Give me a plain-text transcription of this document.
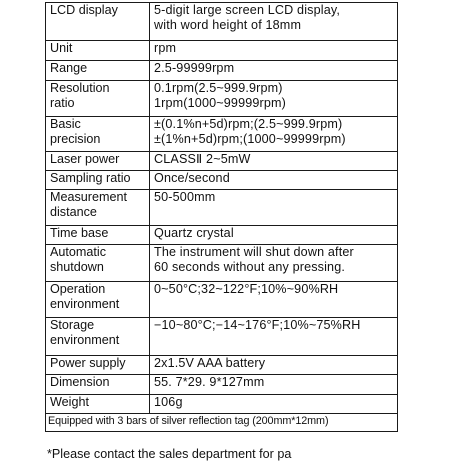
LCD display	5-digit large screen LCD display,
with word height of 18mm

Unit	rpm

Range	2.5-99999rpm

Resolution
ratio	0.1rpm(2.5~999.9rpm)
1rpm(1000~99999rpm)

Basic
precision	±(0.1%n+5d)rpm;(2.5~999.9rpm)
±(1%n+5d)rpm;(1000~99999rpm)

Laser power	CLASSⅡ 2~5mW

Sampling ratio	Once/second

Measurement
distance	50-500mm

Time base	Quartz crystal

Automatic
shutdown	The instrument will shut down after
60 seconds without any pressing.

Operation
environment	0~50°C;32~122°F;10%~90%RH

Storage
environment	−10~80°C;−14~176°F;10%~75%RH

Power supply	2x1.5V AAA battery

Dimension	55. 7*29. 9*127mm

Weight	106g

Equipped with 3 bars of silver reflection tag (200mm*12mm)	
*Please contact the sales department for pa
